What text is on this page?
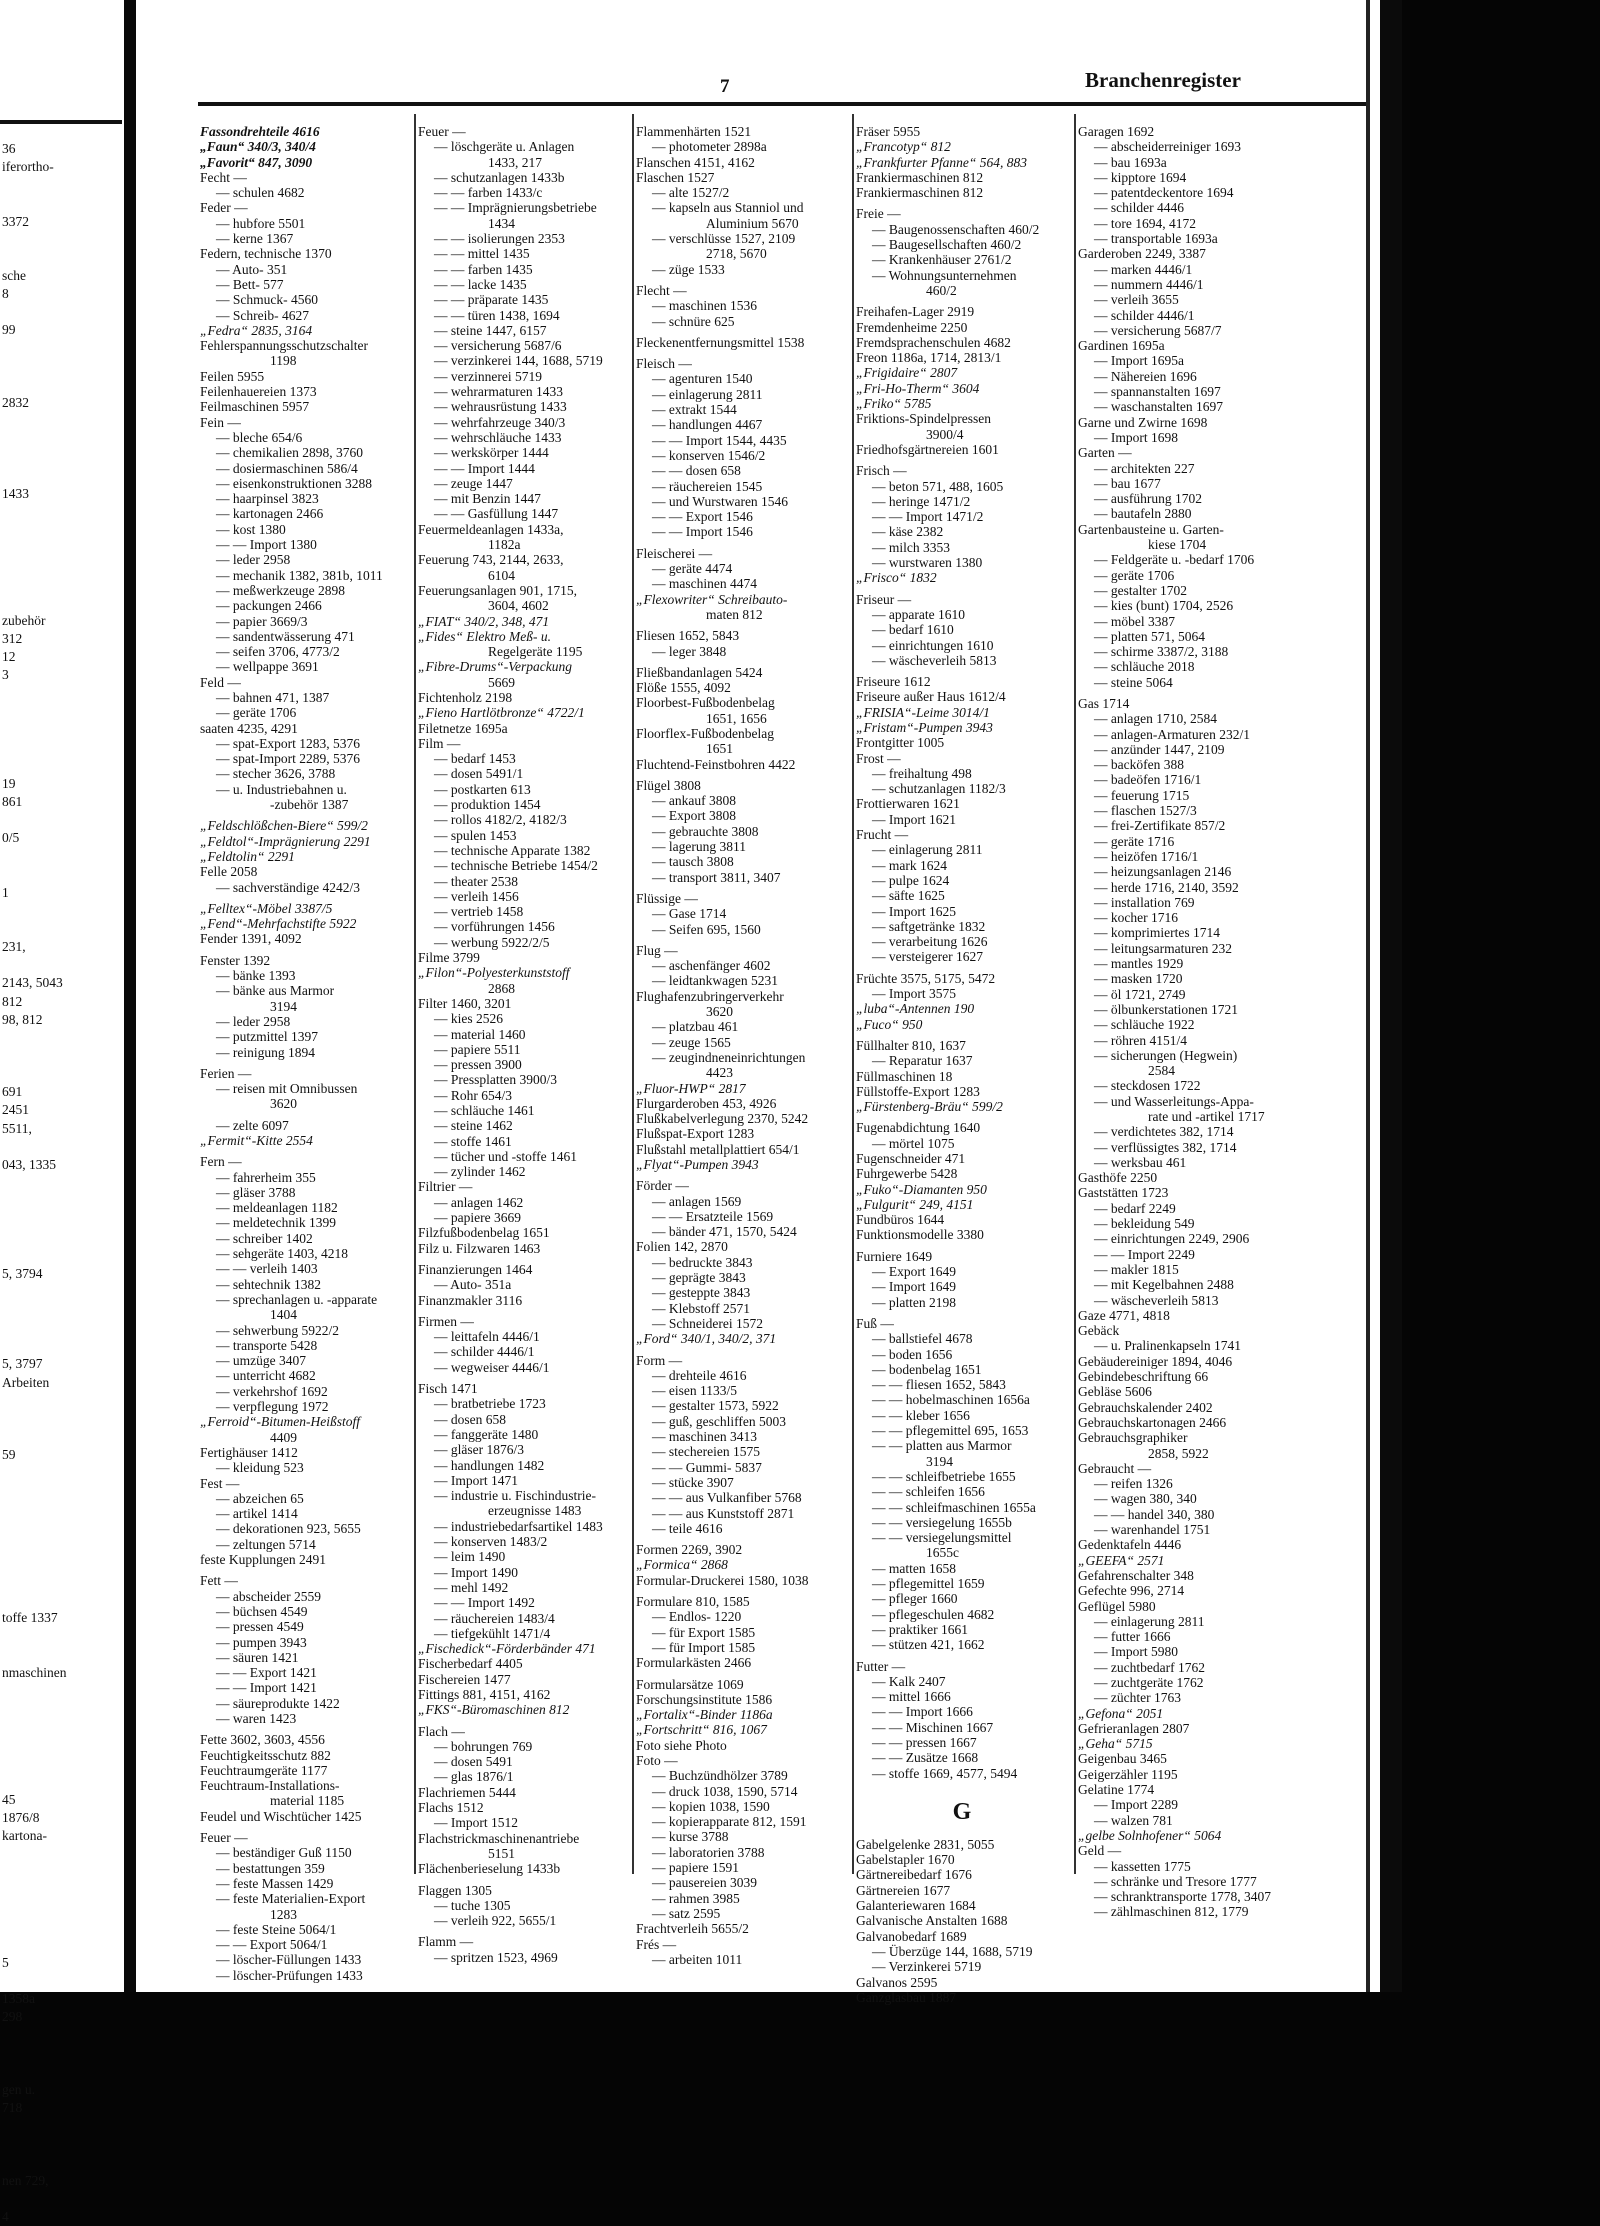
36
iferortho-

3372

sche
8

99

2832

1433

zubehör
312
12
3

19
861

0/5

1

231,

2143, 5043
812
98, 812

691
2451
5511,

043, 1335

5, 3794

5, 3797
Arbeiten

59

toffe 1337

nmaschinen

45
1876/8
kartona-

5

1358a
298

gen u.
718

nen 729,

4
7	Branchenregister
Fassondrehteile 4616
„Faun“ 340/3, 340/4
„Favorit“ 847, 3090
Fecht —
— schulen 4682
Feder —
— hubfore 5501
— kerne 1367
Federn, technische 1370
— Auto- 351
— Bett- 577
— Schmuck- 4560
— Schreib- 4627
„Fedra“ 2835, 3164
Fehlerspannungsschutzschalter
1198
Feilen 5955
Feilenhauereien 1373
Feilmaschinen 5957
Fein —
— bleche 654/6
— chemikalien 2898, 3760
— dosiermaschinen 586/4
— eisenkonstruktionen 3288
— haarpinsel 3823
— kartonagen 2466
— kost 1380
— — Import 1380
— leder 2958
— mechanik 1382, 381b, 1011
— meßwerkzeuge 2898
— packungen 2466
— papier 3669/3
— sandentwässerung 471
— seifen 3706, 4773/2
— wellpappe 3691
Feld —
— bahnen 471, 1387
— geräte 1706
saaten 4235, 4291
— spat-Export 1283, 5376
— spat-Import 2289, 5376
— stecher 3626, 3788
— u. Industriebahnen u.
-zubehör 1387

„Feldschlößchen-Biere“ 599/2
„Feldtol“-Imprägnierung 2291
„Feldtolin“ 2291
Felle 2058
— sachverständige 4242/3

„Felltex“-Möbel 3387/5
„Fend“-Mehrfachstifte 5922
Fender 1391, 4092

Fenster 1392
— bänke 1393
— bänke aus Marmor
3194
— leder 2958
— putzmittel 1397
— reinigung 1894

Ferien —
— reisen mit Omnibussen
3620

— zelte 6097
„Fermit“-Kitte 2554

Fern —
— fahrerheim 355
— gläser 3788
— meldeanlagen 1182
— meldetechnik 1399
— schreiber 1402
— sehgeräte 1403, 4218
— — verleih 1403
— sehtechnik 1382
— sprechanlagen u. -apparate
1404
— sehwerbung 5922/2
— transporte 5428
— umzüge 3407
— unterricht 4682
— verkehrshof 1692
— verpflegung 1972
„Ferroid“-Bitumen-Heißstoff
4409
Fertighäuser 1412
— kleidung 523
Fest —
— abzeichen 65
— artikel 1414
— dekorationen 923, 5655
— zeltungen 5714
feste Kupplungen 2491

Fett —
— abscheider 2559
— büchsen 4549
— pressen 4549
— pumpen 3943
— säuren 1421
— — Export 1421
— — Import 1421
— säureprodukte 1422
— waren 1423

Fette 3602, 3603, 4556
Feuchtigkeitsschutz 882
Feuchtraumgeräte 1177
Feuchtraum-Installations-
material 1185
Feudel und Wischtücher 1425

Feuer —
— beständiger Guß 1150
— bestattungen 359
— feste Massen 1429
— feste Materialien-Export
1283
— feste Steine 5064/1
— — Export 5064/1
— löscher-Füllungen 1433
— löscher-Prüfungen 1433
Feuer —
— löschgeräte u. Anlagen
1433, 217
— schutzanlagen 1433b
— — farben 1433/c
— — Imprägnierungsbetriebe
1434
— — isolierungen 2353
— — mittel 1435
— — farben 1435
— — lacke 1435
— — präparate 1435
— — türen 1438, 1694
— steine 1447, 6157
— versicherung 5687/6
— verzinkerei 144, 1688, 5719
— verzinnerei 5719
— wehrarmaturen 1433
— wehrausrüstung 1433
— wehrfahrzeuge 340/3
— wehrschläuche 1433
— werkskörper 1444
— — Import 1444
— zeuge 1447
— mit Benzin 1447
— — Gasfüllung 1447
Feuermeldeanlagen 1433a,
1182a
Feuerung 743, 2144, 2633,
6104
Feuerungsanlagen 901, 1715,
3604, 4602
„FIAT“ 340/2, 348, 471
„Fides“ Elektro Meß- u.
Regelgeräte 1195
„Fibre-Drums“-Verpackung
5669
Fichtenholz 2198
„Fieno Hartlötbronze“ 4722/1
Filetnetze 1695a
Film —
— bedarf 1453
— dosen 5491/1
— postkarten 613
— produktion 1454
— rollos 4182/2, 4182/3
— spulen 1453
— technische Apparate 1382
— technische Betriebe 1454/2
— theater 2538
— verleih 1456
— vertrieb 1458
— vorführungen 1456
— werbung 5922/2/5
Filme 3799
„Filon“-Polyesterkunststoff
2868
Filter 1460, 3201
— kies 2526
— material 1460
— papiere 5511
— pressen 3900
— Pressplatten 3900/3
— Rohr 654/3
— schläuche 1461
— steine 1462
— stoffe 1461
— tücher und -stoffe 1461
— zylinder 1462
Filtrier —
— anlagen 1462
— papiere 3669
Filzfußbodenbelag 1651
Filz u. Filzwaren 1463

Finanzierungen 1464
— Auto- 351a
Finanzmakler 3116

Firmen —
— leittafeln 4446/1
— schilder 4446/1
— wegweiser 4446/1

Fisch 1471
— bratbetriebe 1723
— dosen 658
— fanggeräte 1480
— gläser 1876/3
— handlungen 1482
— Import 1471
— industrie u. Fischindustrie-
erzeugnisse 1483
— industriebedarfsartikel 1483
— konserven 1483/2
— leim 1490
— Import 1490
— mehl 1492
— — Import 1492
— räuchereien 1483/4
— tiefgekühlt 1471/4
„Fischedick“-Förderbänder 471
Fischerbedarf 4405
Fischereien 1477
Fittings 881, 4151, 4162
„FKS“-Büromaschinen 812

Flach —
— bohrungen 769
— dosen 5491
— glas 1876/1
Flachriemen 5444
Flachs 1512
— Import 1512
Flachstrickmaschinenantriebe
5151
Flächenberieselung 1433b

Flaggen 1305
— tuche 1305
— verleih 922, 5655/1

Flamm —
— spritzen 1523, 4969
Flammenhärten 1521
— photometer 2898a
Flanschen 4151, 4162
Flaschen 1527
— alte 1527/2
— kapseln aus Stanniol und
Aluminium 5670
— verschlüsse 1527, 2109
2718, 5670
— züge 1533

Flecht —
— maschinen 1536
— schnüre 625

Fleckenentfernungsmittel 1538

Fleisch —
— agenturen 1540
— einlagerung 2811
— extrakt 1544
— handlungen 4467
— — Import 1544, 4435
— konserven 1546/2
— — dosen 658
— räuchereien 1545
— und Wurstwaren 1546
— — Export 1546
— — Import 1546

Fleischerei —
— geräte 4474
— maschinen 4474
„Flexowriter“ Schreibauto-
maten 812

Fliesen 1652, 5843
— leger 3848

Fließbandanlagen 5424
Flöße 1555, 4092
Floorbest-Fußbodenbelag
1651, 1656
Floorflex-Fußbodenbelag
1651
Fluchtend-Feinstbohren 4422

Flügel 3808
— ankauf 3808
— Export 3808
— gebrauchte 3808
— lagerung 3811
— tausch 3808
— transport 3811, 3407

Flüssige —
— Gase 1714
— Seifen 695, 1560

Flug —
— aschenfänger 4602
— leidtankwagen 5231
Flughafenzubringerverkehr
3620
— platzbau 461
— zeuge 1565
— zeugindneneinrichtungen
4423
„Fluor-HWP“ 2817
Flurgarderoben 453, 4926
Flußkabelverlegung 2370, 5242
Flußspat-Export 1283
Flußstahl metallplattiert 654/1
„Flyat“-Pumpen 3943

Förder —
— anlagen 1569
— — Ersatzteile 1569
— bänder 471, 1570, 5424
Folien 142, 2870
— bedruckte 3843
— geprägte 3843
— gesteppte 3843
— Klebstoff 2571
— Schneiderei 1572
„Ford“ 340/1, 340/2, 371

Form —
— drehteile 4616
— eisen 1133/5
— gestalter 1573, 5922
— guß, geschliffen 5003
— maschinen 3413
— stechereien 1575
— — Gummi- 5837
— stücke 3907
— — aus Vulkanfiber 5768
— — aus Kunststoff 2871
— teile 4616

Formen 2269, 3902
„Formica“ 2868
Formular-Druckerei 1580, 1038

Formulare 810, 1585
— Endlos- 1220
— für Export 1585
— für Import 1585
Formularkästen 2466

Formularsätze 1069
Forschungsinstitute 1586
„Fortalix“-Binder 1186a
„Fortschritt“ 816, 1067
Foto siehe Photo
Foto —
— Buchzündhölzer 3789
— druck 1038, 1590, 5714
— kopien 1038, 1590
— kopierapparate 812, 1591
— kurse 3788
— laboratorien 3788
— papiere 1591
— pausereien 3039
— rahmen 3985
— satz 2595
Frachtverleih 5655/2
Frés —
— arbeiten 1011
Fräser 5955
„Francotyp“ 812
„Frankfurter Pfanne“ 564, 883
Frankiermaschinen 812
Frankiermaschinen 812

Freie —
— Baugenossenschaften 460/2
— Baugesellschaften 460/2
— Krankenhäuser 2761/2
— Wohnungsunternehmen
460/2

Freihafen-Lager 2919
Fremdenheime 2250
Fremdsprachenschulen 4682
Freon 1186a, 1714, 2813/1
„Frigidaire“ 2807
„Fri-Ho-Therm“ 3604
„Friko“ 5785
Friktions-Spindelpressen
3900/4
Friedhofsgärtnereien 1601

Frisch —
— beton 571, 488, 1605
— heringe 1471/2
— — Import 1471/2
— käse 2382
— milch 3353
— wurstwaren 1380
„Frisco“ 1832

Friseur —
— apparate 1610
— bedarf 1610
— einrichtungen 1610
— wäscheverleih 5813

Friseure 1612
Friseure außer Haus 1612/4
„FRISIA“-Leime 3014/1
„Fristam“-Pumpen 3943
Frontgitter 1005
Frost —
— freihaltung 498
— schutzanlagen 1182/3
Frottierwaren 1621
— Import 1621
Frucht —
— einlagerung 2811
— mark 1624
— pulpe 1624
— säfte 1625
— Import 1625
— saftgetränke 1832
— verarbeitung 1626
— versteigerer 1627

Früchte 3575, 5175, 5472
— Import 3575
„luba“-Antennen 190
„Fuco“ 950

Füllhalter 810, 1637
— Reparatur 1637
Füllmaschinen 18
Füllstoffe-Export 1283
„Fürstenberg-Bräu“ 599/2

Fugenabdichtung 1640
— mörtel 1075
Fugenschneider 471
Fuhrgewerbe 5428
„Fuko“-Diamanten 950
„Fulgurit“ 249, 4151
Fundbüros 1644
Funktionsmodelle 3380

Furniere 1649
— Export 1649
— Import 1649
— platten 2198

Fuß —
— ballstiefel 4678
— boden 1656
— bodenbelag 1651
— — fliesen 1652, 5843
— — hobelmaschinen 1656a
— — kleber 1656
— — pflegemittel 695, 1653
— — platten aus Marmor
3194
— — schleifbetriebe 1655
— — schleifen 1656
— — schleifmaschinen 1655a
— — versiegelung 1655b
— — versiegelungsmittel
1655c
— matten 1658
— pflegemittel 1659
— pfleger 1660
— pflegeschulen 4682
— praktiker 1661
— stützen 421, 1662

Futter —
— Kalk 2407
— mittel 1666
— — Import 1666
— — Mischinen 1667
— — pressen 1667
— — Zusätze 1668
— stoffe 1669, 4577, 5494

G

Gabelgelenke 2831, 5055
Gabelstapler 1670
Gärtnereibedarf 1676
Gärtnereien 1677
Galanteriewaren 1684
Galvanische Anstalten 1688
Galvanobedarf 1689
— Überzüge 144, 1688, 5719
— Verzinkerei 5719
Galvanos 2595
Ganzglasbau 1887
Garagen 1692
— abscheiderreiniger 1693
— bau 1693a
— kipptore 1694
— patentdeckentore 1694
— schilder 4446
— tore 1694, 4172
— transportable 1693a
Garderoben 2249, 3387
— marken 4446/1
— nummern 4446/1
— verleih 3655
— schilder 4446/1
— versicherung 5687/7
Gardinen 1695a
— Import 1695a
— Nähereien 1696
— spannanstalten 1697
— waschanstalten 1697
Garne und Zwirne 1698
— Import 1698
Garten —
— architekten 227
— bau 1677
— ausführung 1702
— bautafeln 2880
Gartenbausteine u. Garten-
kiese 1704
— Feldgeräte u. -bedarf 1706
— geräte 1706
— gestalter 1702
— kies (bunt) 1704, 2526
— möbel 3387
— platten 571, 5064
— schirme 3387/2, 3188
— schläuche 2018
— steine 5064

Gas 1714
— anlagen 1710, 2584
— anlagen-Armaturen 232/1
— anzünder 1447, 2109
— backöfen 388
— badeöfen 1716/1
— feuerung 1715
— flaschen 1527/3
— frei-Zertifikate 857/2
— geräte 1716
— heizöfen 1716/1
— heizungsanlagen 2146
— herde 1716, 2140, 3592
— installation 769
— kocher 1716
— komprimiertes 1714
— leitungsarmaturen 232
— mantles 1929
— masken 1720
— öl 1721, 2749
— ölbunkerstationen 1721
— schläuche 1922
— röhren 4151/4
— sicherungen (Hegwein)
2584
— steckdosen 1722
— und Wasserleitungs-Appa-
rate und -artikel 1717
— verdichtetes 382, 1714
— verflüssigtes 382, 1714
— werksbau 461
Gasthöfe 2250
Gaststätten 1723
— bedarf 2249
— bekleidung 549
— einrichtungen 2249, 2906
— — Import 2249
— makler 1815
— mit Kegelbahnen 2488
— wäscheverleih 5813
Gaze 4771, 4818
Gebäck
— u. Pralinenkapseln 1741
Gebäudereiniger 1894, 4046
Gebindebeschriftung 66
Gebläse 5606
Gebrauchskalender 2402
Gebrauchskartonagen 2466
Gebrauchsgraphiker
2858, 5922
Gebraucht —
— reifen 1326
— wagen 380, 340
— — handel 340, 380
— warenhandel 1751
Gedenktafeln 4446
„GEEFA“ 2571
Gefahrenschalter 348
Gefechte 996, 2714
Geflügel 5980
— einlagerung 2811
— futter 1666
— Import 5980
— zuchtbedarf 1762
— zuchtgeräte 1762
— züchter 1763
„Gefona“ 2051
Gefrieranlagen 2807
„Geha“ 5715
Geigenbau 3465
Geigerzähler 1195
Gelatine 1774
— Import 2289
— walzen 781
„gelbe Solnhofener“ 5064
Geld —
— kassetten 1775
— schränke und Tresore 1777
— schranktransporte 1778, 3407
— zählmaschinen 812, 1779
